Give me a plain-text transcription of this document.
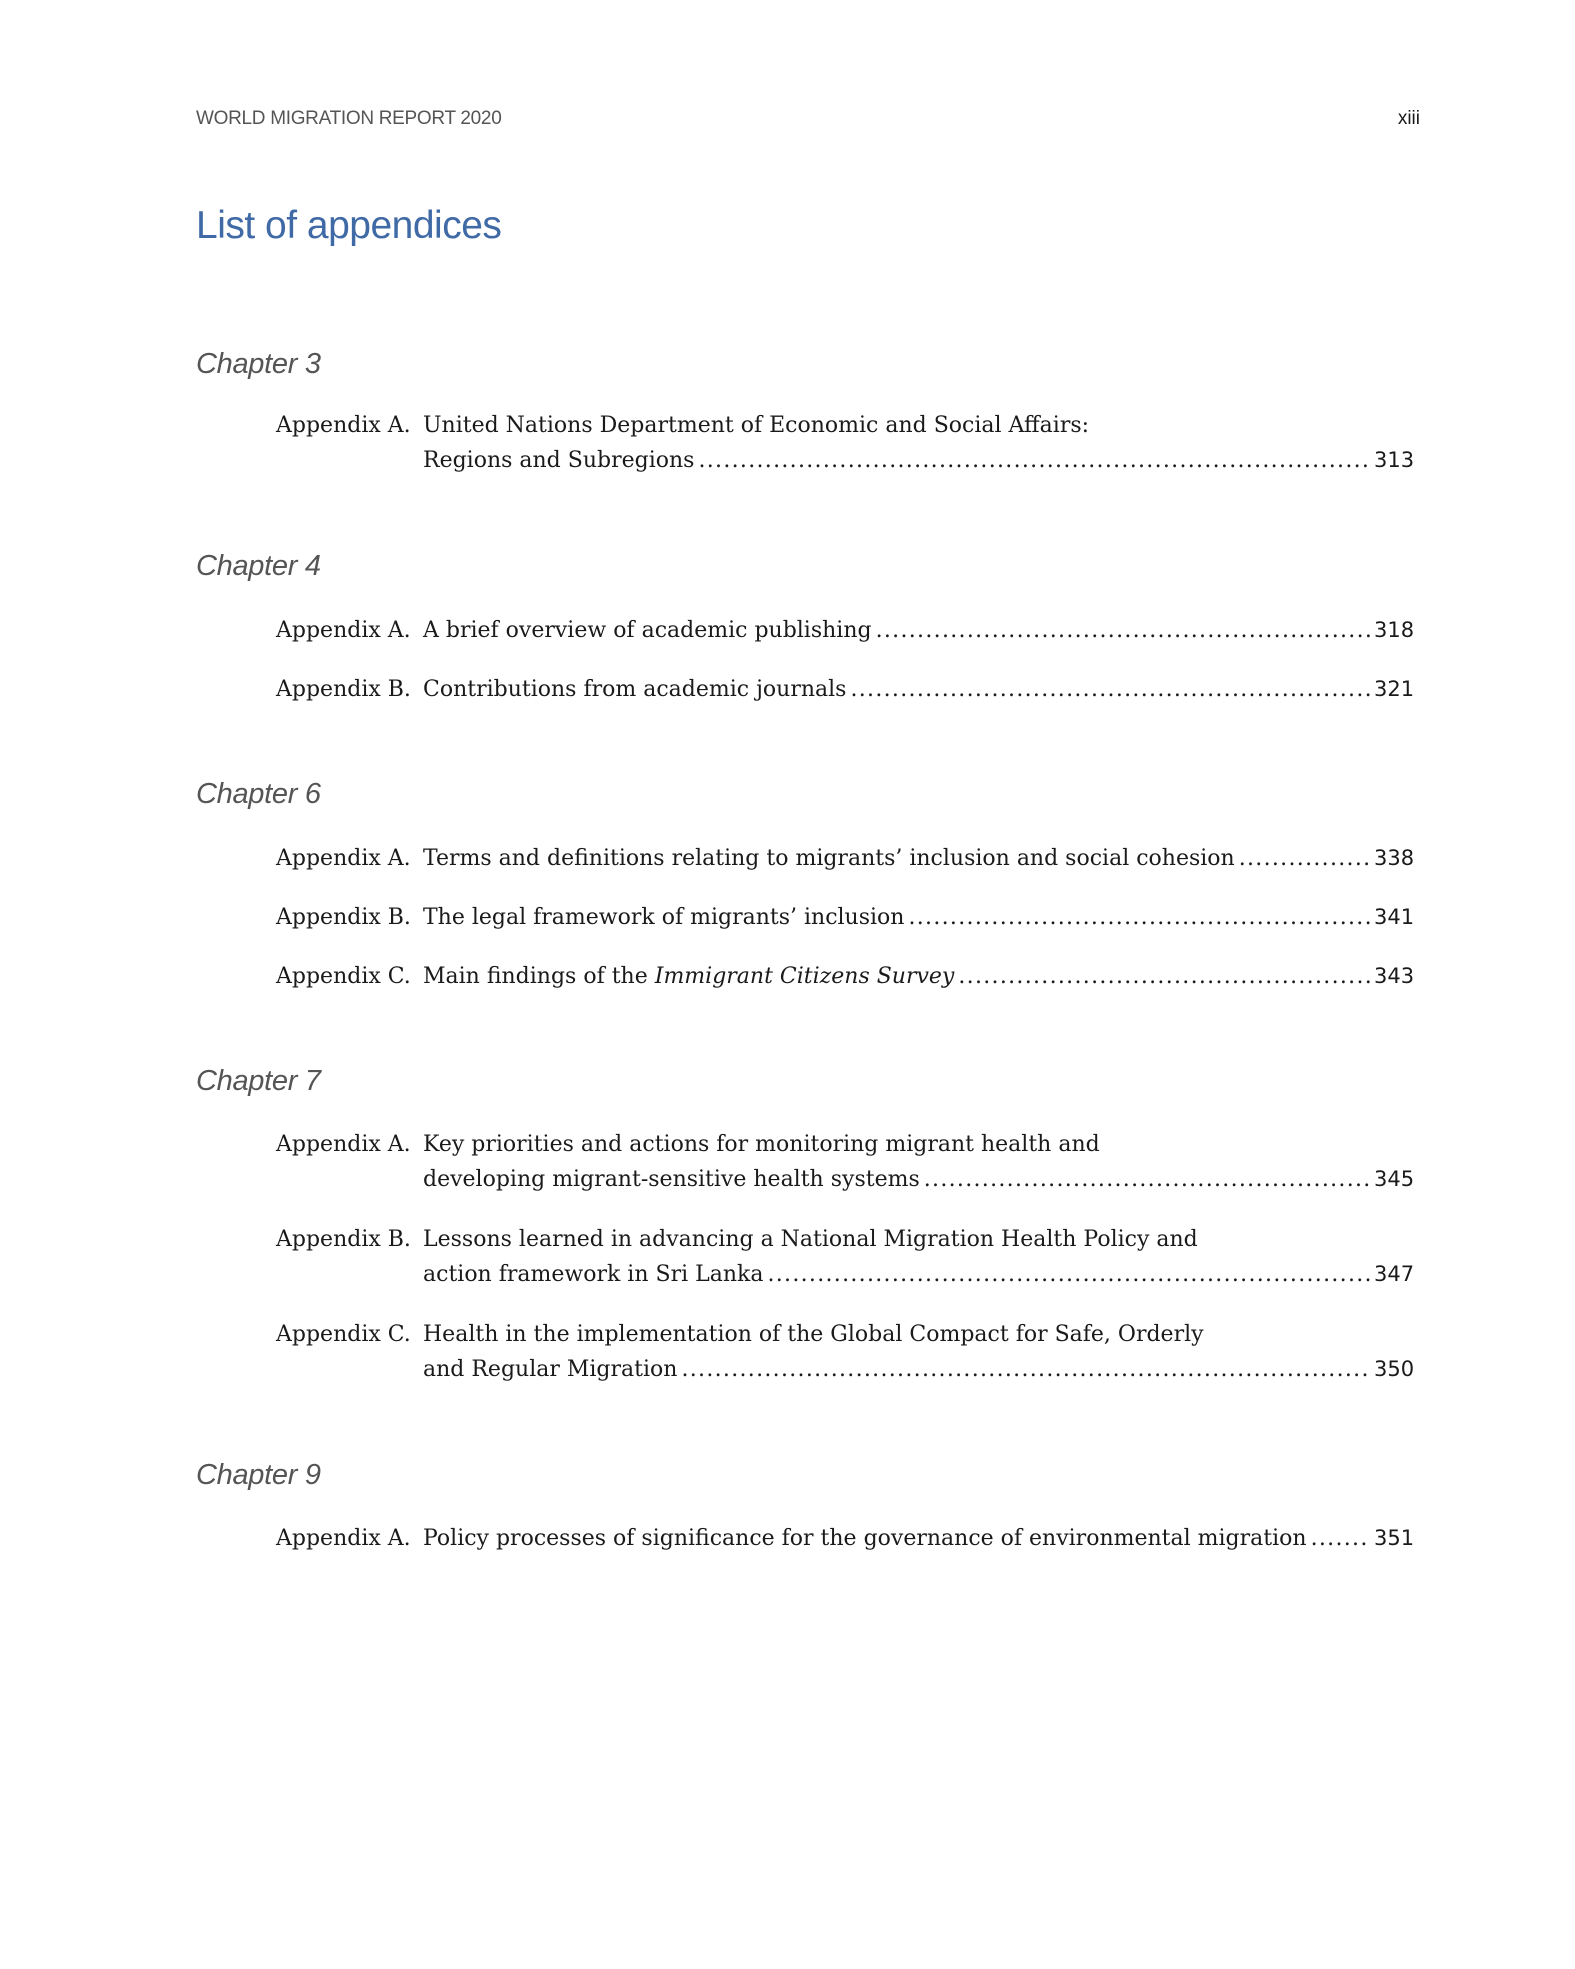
WORLD MIGRATION REPORT 2020	xiii
List of appendices
Chapter 3
Appendix A. United Nations Department of Economic and Social Affairs:
Regions and Subregions .....	313
Chapter 4
Appendix A. A brief overview of academic publishing .....	318
Appendix B. Contributions from academic journals .....	321
Chapter 6
Appendix A. Terms and definitions relating to migrants’ inclusion and social cohesion .....	338
Appendix B. The legal framework of migrants’ inclusion .....	341
Appendix C. Main findings of the Immigrant Citizens Survey .....	343
Chapter 7
Appendix A. Key priorities and actions for monitoring migrant health and
developing migrant-sensitive health systems .....	345
Appendix B. Lessons learned in advancing a National Migration Health Policy and
action framework in Sri Lanka .....	347
Appendix C. Health in the implementation of the Global Compact for Safe, Orderly
and Regular Migration .....	350
Chapter 9
Appendix A. Policy processes of significance for the governance of environmental migration .....	351
